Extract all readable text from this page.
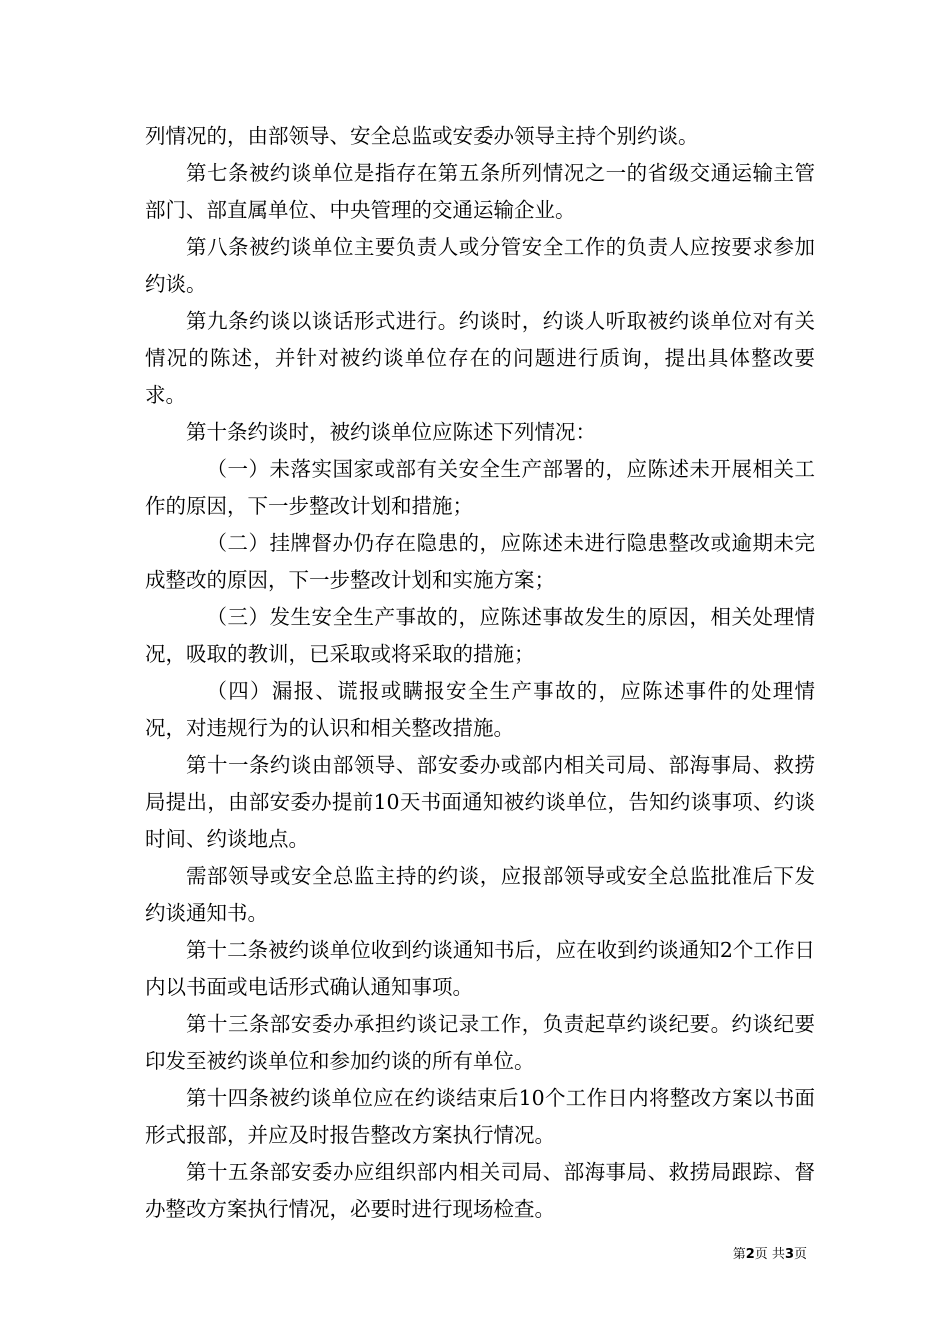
列情况的，由部领导、安全总监或安委办领导主持个别约谈。

第七条被约谈单位是指存在第五条所列情况之一的省级交通运输主管部门、部直属单位、中央管理的交通运输企业。

第八条被约谈单位主要负责人或分管安全工作的负责人应按要求参加约谈。

第九条约谈以谈话形式进行。约谈时，约谈人听取被约谈单位对有关情况的陈述，并针对被约谈单位存在的问题进行质询，提出具体整改要求。

第十条约谈时，被约谈单位应陈述下列情况：

（一）未落实国家或部有关安全生产部署的，应陈述未开展相关工作的原因，下一步整改计划和措施；

（二）挂牌督办仍存在隐患的，应陈述未进行隐患整改或逾期未完成整改的原因，下一步整改计划和实施方案；

（三）发生安全生产事故的，应陈述事故发生的原因，相关处理情况，吸取的教训，已采取或将采取的措施；

（四）漏报、谎报或瞒报安全生产事故的，应陈述事件的处理情况，对违规行为的认识和相关整改措施。

第十一条约谈由部领导、部安委办或部内相关司局、部海事局、救捞局提出，由部安委办提前10天书面通知被约谈单位，告知约谈事项、约谈时间、约谈地点。

需部领导或安全总监主持的约谈，应报部领导或安全总监批准后下发约谈通知书。

第十二条被约谈单位收到约谈通知书后，应在收到约谈通知2个工作日内以书面或电话形式确认通知事项。

第十三条部安委办承担约谈记录工作，负责起草约谈纪要。约谈纪要印发至被约谈单位和参加约谈的所有单位。

第十四条被约谈单位应在约谈结束后10个工作日内将整改方案以书面形式报部，并应及时报告整改方案执行情况。

第十五条部安委办应组织部内相关司局、部海事局、救捞局跟踪、督办整改方案执行情况，必要时进行现场检查。

第2页 共3页
